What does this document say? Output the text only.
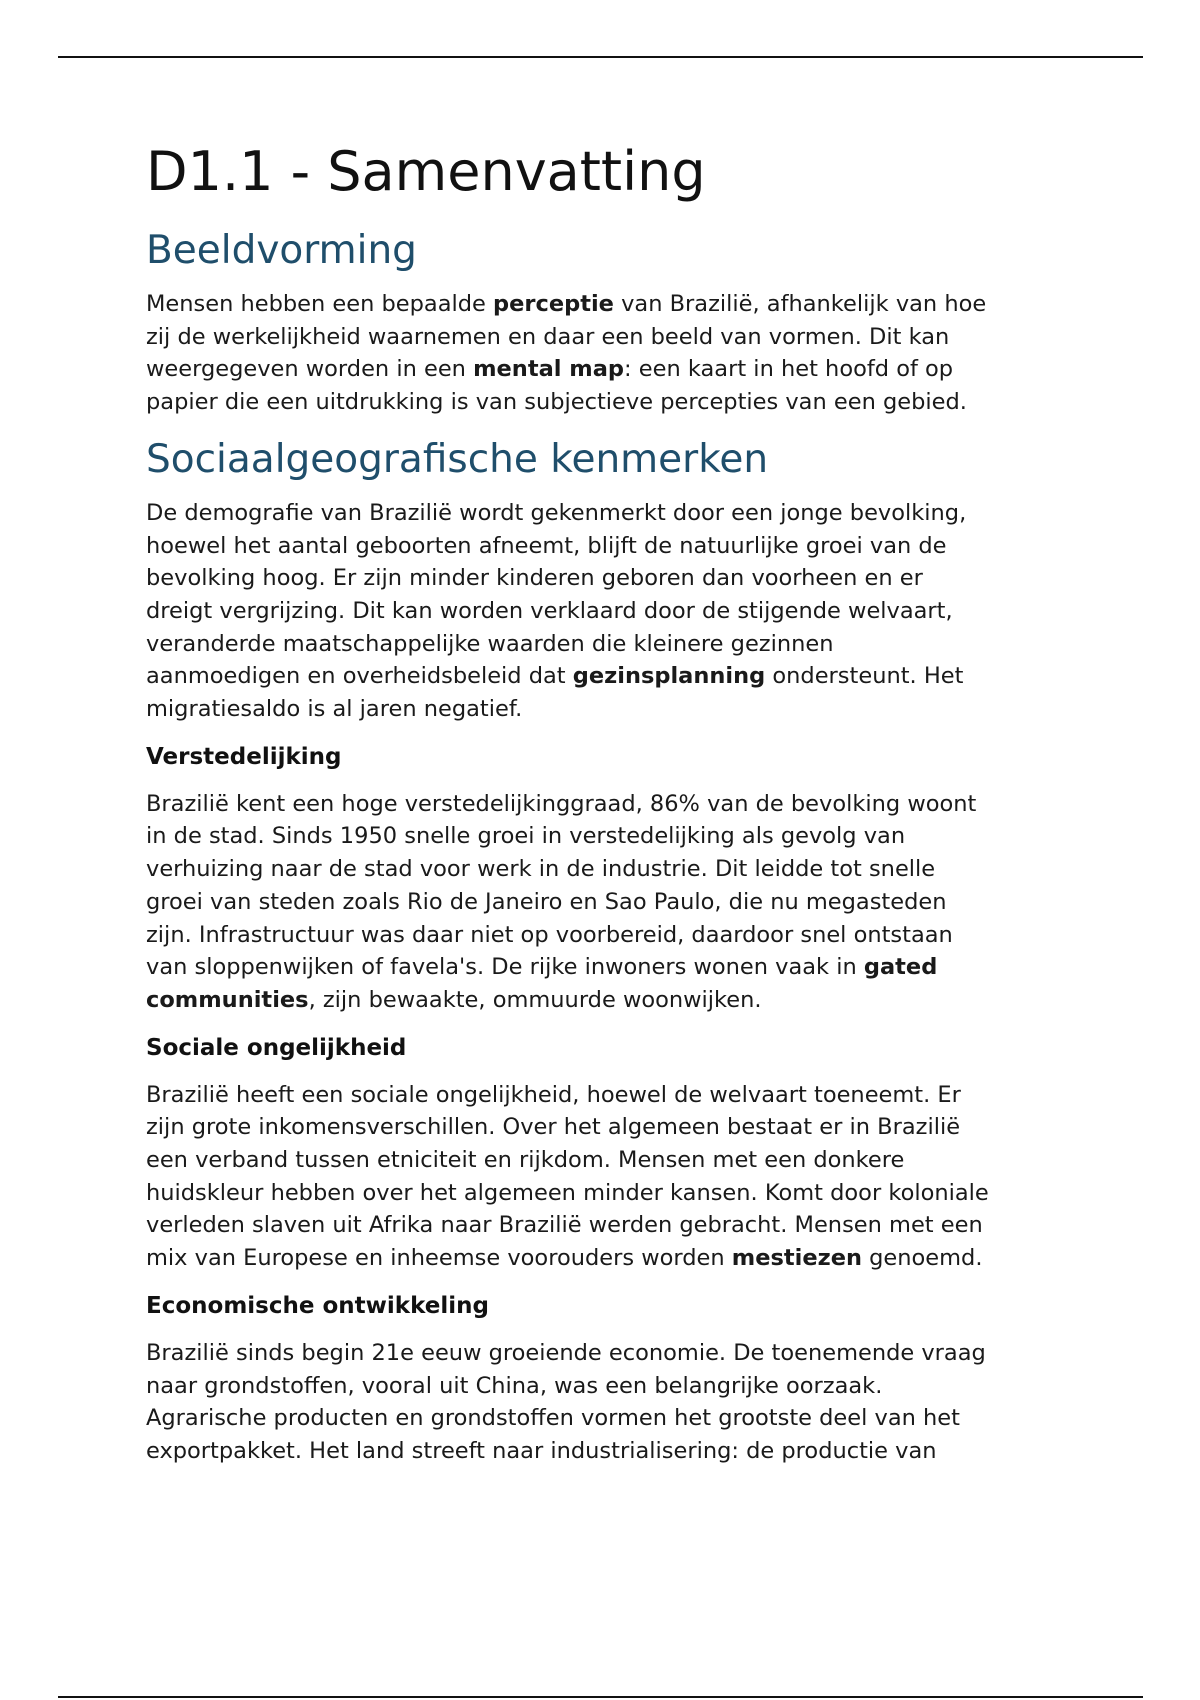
D1.1 - Samenvatting
Beeldvorming

Mensen hebben een bepaalde perceptie van Brazilië, afhankelijk van hoe
zij de werkelijkheid waarnemen en daar een beeld van vormen. Dit kan
weergegeven worden in een mental map: een kaart in het hoofd of op
papier die een uitdrukking is van subjectieve percepties van een gebied.

Sociaalgeografische kenmerken

De demografie van Brazilië wordt gekenmerkt door een jonge bevolking,
hoewel het aantal geboorten afneemt, blijft de natuurlijke groei van de
bevolking hoog. Er zijn minder kinderen geboren dan voorheen en er
dreigt vergrijzing. Dit kan worden verklaard door de stijgende welvaart,
veranderde maatschappelijke waarden die kleinere gezinnen
aanmoedigen en overheidsbeleid dat gezinsplanning ondersteunt. Het
migratiesaldo is al jaren negatief.

Verstedelijking

Brazilië kent een hoge verstedelijkinggraad, 86% van de bevolking woont
in de stad. Sinds 1950 snelle groei in verstedelijking als gevolg van
verhuizing naar de stad voor werk in de industrie. Dit leidde tot snelle
groei van steden zoals Rio de Janeiro en Sao Paulo, die nu megasteden
zijn. Infrastructuur was daar niet op voorbereid, daardoor snel ontstaan
van sloppenwijken of favela's. De rijke inwoners wonen vaak in gated
communities, zijn bewaakte, ommuurde woonwijken.

Sociale ongelijkheid

Brazilië heeft een sociale ongelijkheid, hoewel de welvaart toeneemt. Er
zijn grote inkomensverschillen. Over het algemeen bestaat er in Brazilië
een verband tussen etniciteit en rijkdom. Mensen met een donkere
huidskleur hebben over het algemeen minder kansen. Komt door koloniale
verleden slaven uit Afrika naar Brazilië werden gebracht. Mensen met een
mix van Europese en inheemse voorouders worden mestiezen genoemd.

Economische ontwikkeling

Brazilië sinds begin 21e eeuw groeiende economie. De toenemende vraag
naar grondstoffen, vooral uit China, was een belangrijke oorzaak.
Agrarische producten en grondstoffen vormen het grootste deel van het
exportpakket. Het land streeft naar industrialisering: de productie van
